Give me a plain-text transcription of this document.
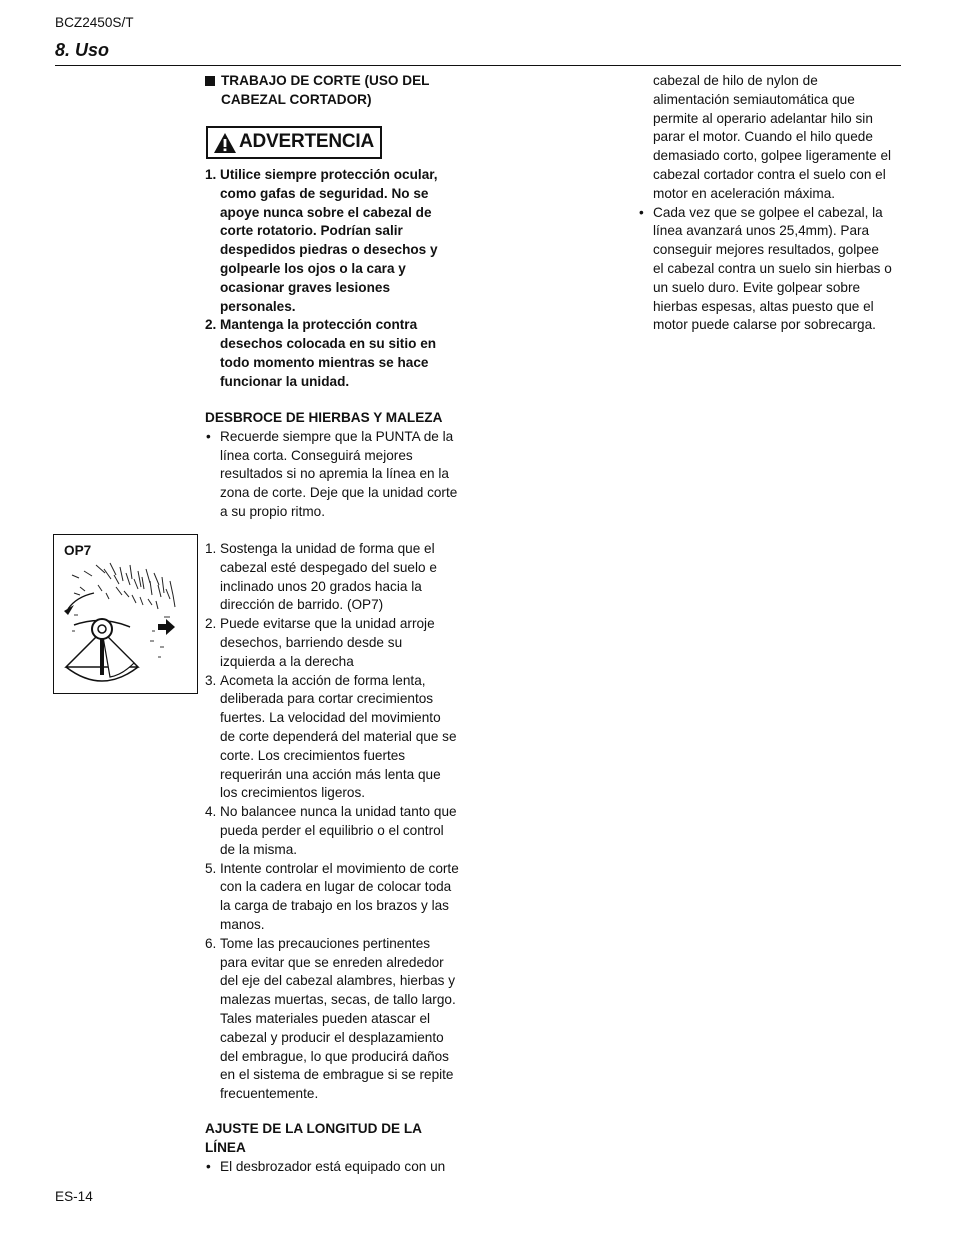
BCZ2450S/T
8. Uso
TRABAJO DE CORTE (USO DEL
CABEZAL CORTADOR)
ADVERTENCIA
1. Utilice siempre protección ocular,
como gafas de seguridad. No se
apoye nunca sobre el cabezal de
corte rotatorio. Podrían salir
despedidos piedras o desechos y
golpearle los ojos o la cara y
ocasionar graves lesiones
personales.
2. Mantenga la protección contra
desechos colocada en su sitio en
todo momento mientras se hace
funcionar la unidad.
DESBROCE DE HIERBAS Y MALEZA
• Recuerde siempre que la PUNTA de la
línea corta. Conseguirá mejores
resultados si no apremia la línea en la
zona de corte. Deje que la unidad corte
a su propio ritmo.
1. Sostenga la unidad de forma que el
cabezal esté despegado del suelo e
inclinado unos 20 grados hacia la
dirección de barrido. (OP7)
2. Puede evitarse que la unidad arroje
desechos, barriendo desde su
izquierda a la derecha
3. Acometa la acción de forma lenta,
deliberada para cortar crecimientos
fuertes. La velocidad del movimiento
de corte dependerá del material que se
corte. Los crecimientos fuertes
requerirán una acción más lenta que
los crecimientos ligeros.
4. No balancee nunca la unidad tanto que
pueda perder el equilibrio o el control
de la misma.
5. Intente controlar el movimiento de corte
con la cadera en lugar de colocar toda
la carga de trabajo en los brazos y las
manos.
6. Tome las precauciones pertinentes
para evitar que se enreden alrededor
del eje del cabezal alambres, hierbas y
malezas muertas, secas, de tallo largo.
Tales materiales pueden atascar el
cabezal y producir el desplazamiento
del embrague, lo que producirá daños
en el sistema de embrague si se repite
frecuentemente.
AJUSTE DE LA LONGITUD DE LA
LÍNEA
• El desbrozador está equipado con un
cabezal de hilo de nylon de
alimentación semiautomática que
permite al operario adelantar hilo sin
parar el motor. Cuando el hilo quede
demasiado corto, golpee ligeramente el
cabezal cortador contra el suelo con el
motor en aceleración máxima.
• Cada vez que se golpee el cabezal, la
línea avanzará unos 25,4mm). Para
conseguir mejores resultados, golpee
el cabezal contra un suelo sin hierbas o
un suelo duro. Evite golpear sobre
hierbas espesas, altas puesto que el
motor puede calarse por sobrecarga.
OP7
ES-14
